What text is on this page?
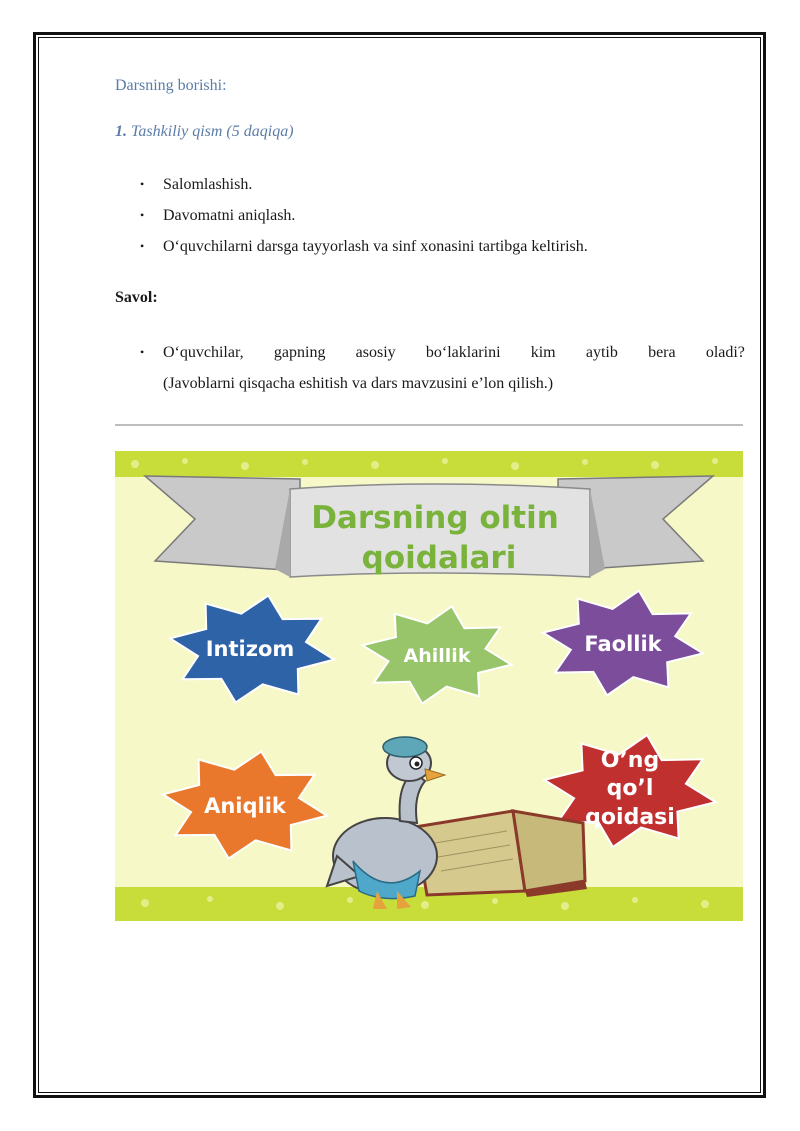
Darsning borishi:
1. Tashkiliy qism (5 daqiqa)
• Salomlashish.
• Davomatni aniqlash.
• O‘quvchilarni darsga tayyorlash va sinf xonasini tartibga keltirish.
Savol:
• O‘quvchilar, gapning asosiy bo‘laklarini kim aytib bera oladi?
(Javoblarni qisqacha eshitish va dars mavzusini e’lon qilish.)
Darsning oltin
qoidalari
Intizom	Ahillik	Faollik
Aniqlik
O’ng
qo’l
qoidasi
